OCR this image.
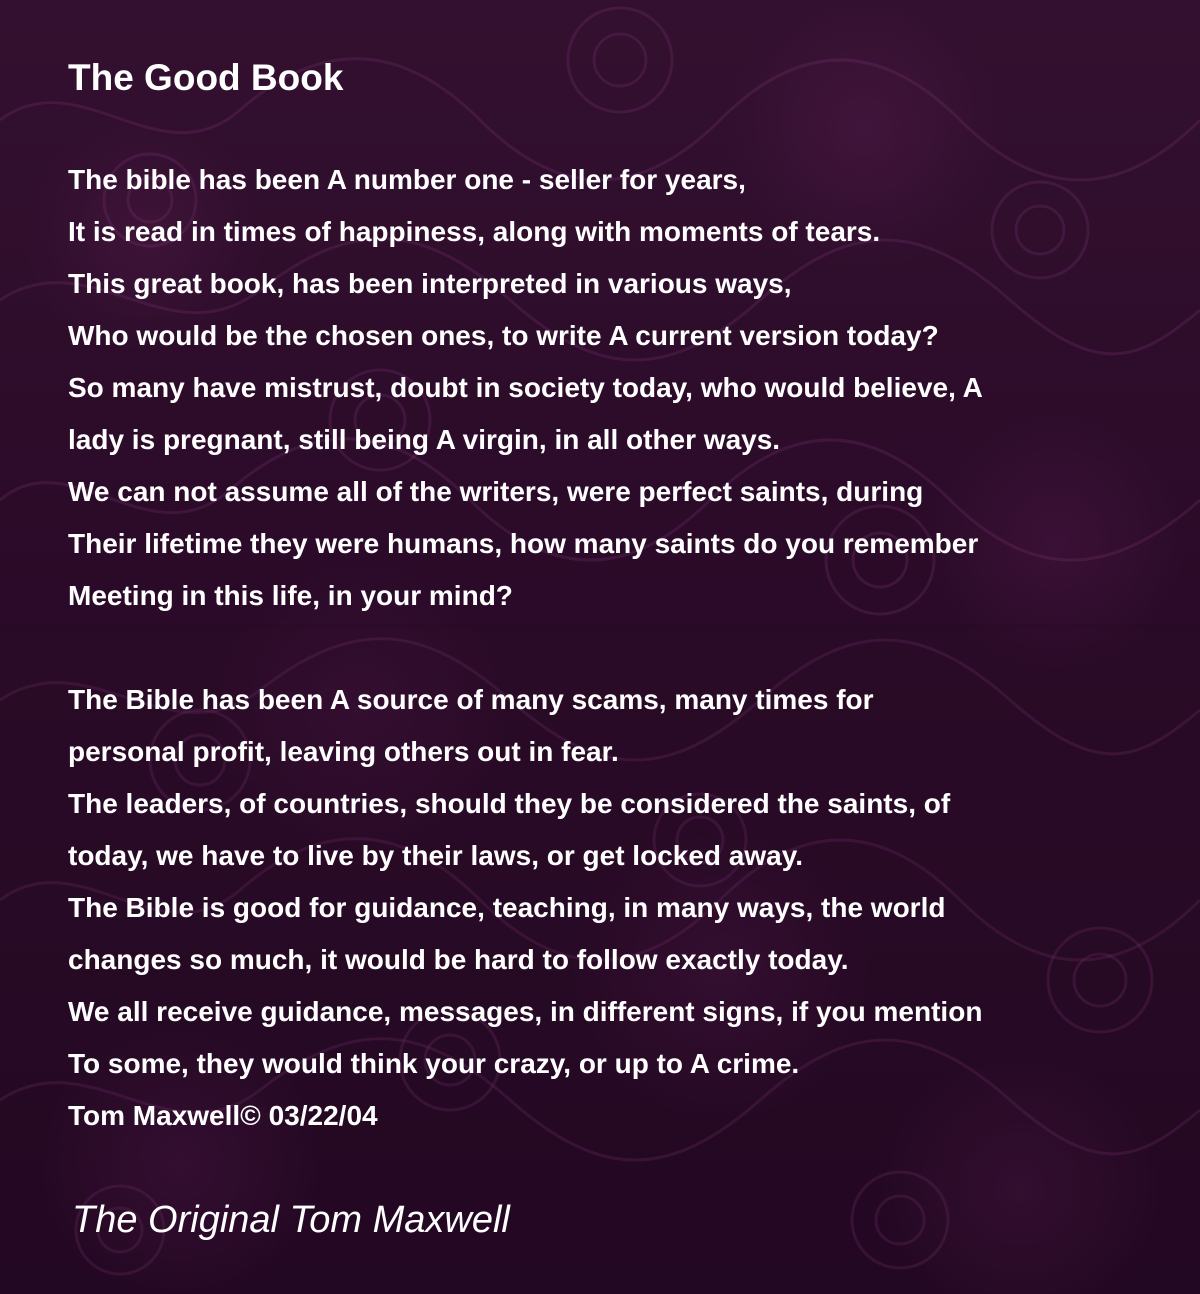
The Good Book
The bible has been A number one - seller for years,
It is read in times of happiness, along with moments of tears.
This great book, has been interpreted in various ways,
Who would be the chosen ones, to write A current version today?
So many have mistrust, doubt in society today, who would believe, A
lady is pregnant, still being A virgin, in all other ways.
We can not assume all of the writers, were perfect saints, during
Their lifetime they were humans, how many saints do you remember
Meeting in this life, in your mind?
The Bible has been A source of many scams, many times for
personal profit, leaving others out in fear.
The leaders, of countries, should they be considered the saints, of
today, we have to live by their laws, or get locked away.
The Bible is good for guidance, teaching, in many ways, the world
changes so much, it would be hard to follow exactly today.
We all receive guidance, messages, in different signs, if you mention
To some, they would think your crazy, or up to A crime.
Tom Maxwell© 03/22/04
The Original Tom Maxwell
